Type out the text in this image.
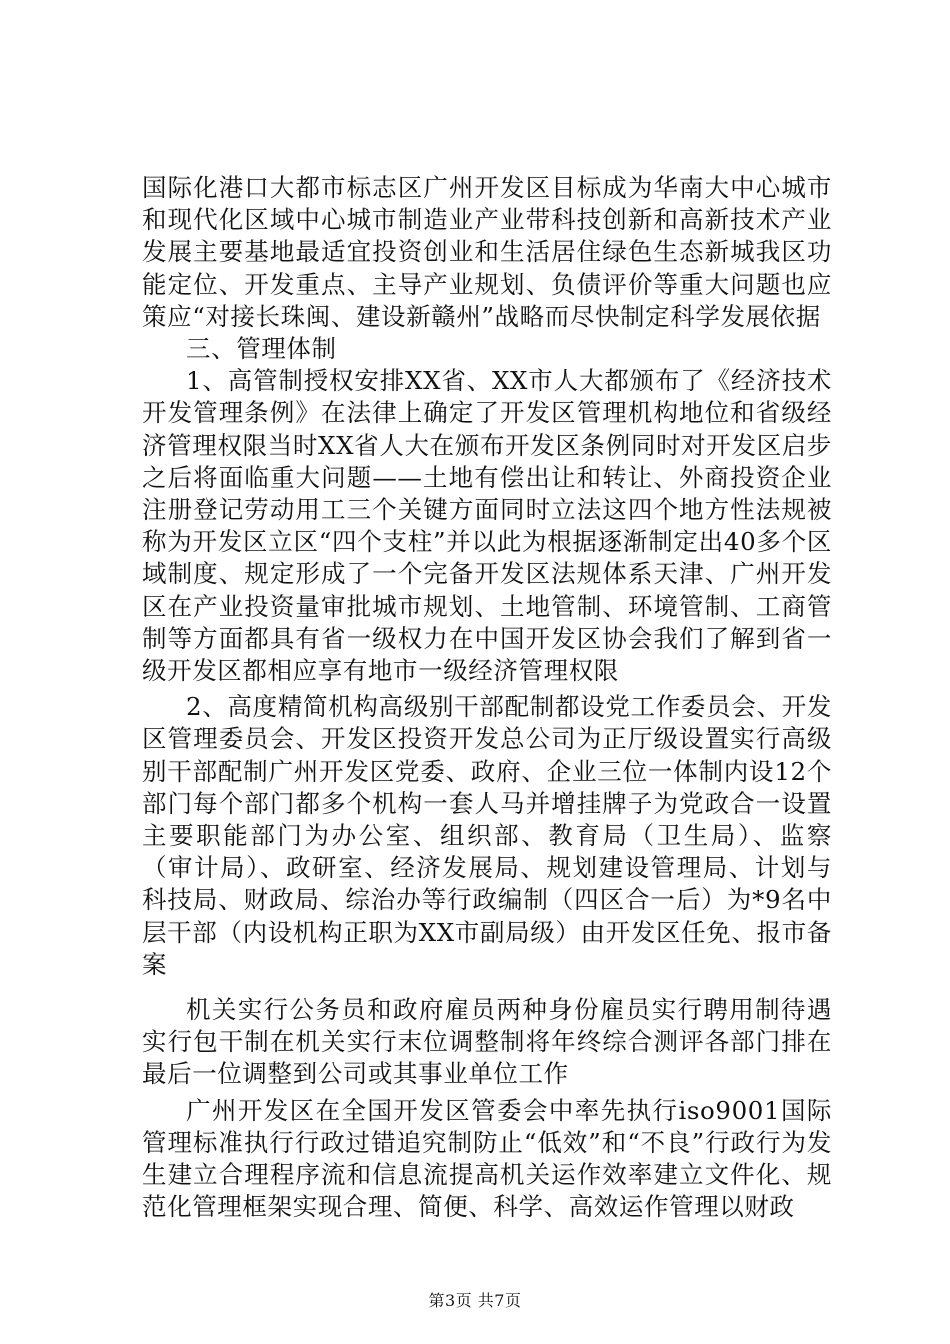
国际化港口大都市标志区广州开发区目标成为华南大中心城市和现代化区域中心城市制造业产业带科技创新和高新技术产业发展主要基地最适宜投资创业和生活居住绿色生态新城我区功能定位、开发重点、主导产业规划、负债评价等重大问题也应策应“对接长珠闽、建设新赣州”战略而尽快制定科学发展依据

三、管理体制

1、高管制授权安排XX省、XX市人大都颁布了《经济技术开发管理条例》在法律上确定了开发区管理机构地位和省级经济管理权限当时XX省人大在颁布开发区条例同时对开发区启步之后将面临重大问题——土地有偿出让和转让、外商投资企业注册登记劳动用工三个关键方面同时立法这四个地方性法规被称为开发区立区“四个支柱”并以此为根据逐渐制定出40多个区域制度、规定形成了一个完备开发区法规体系天津、广州开发区在产业投资量审批城市规划、土地管制、环境管制、工商管制等方面都具有省一级权力在中国开发区协会我们了解到省一级开发区都相应享有地市一级经济管理权限

2、高度精简机构高级别干部配制都设党工作委员会、开发区管理委员会、开发区投资开发总公司为正厅级设置实行高级别干部配制广州开发区党委、政府、企业三位一体制内设12个部门每个部门都多个机构一套人马并增挂牌子为党政合一设置主要职能部门为办公室、组织部、教育局（卫生局）、监察（审计局）、政研室、经济发展局、规划建设管理局、计划与科技局、财政局、综治办等行政编制（四区合一后）为*9名中层干部（内设机构正职为XX市副局级）由开发区任免、报市备案

机关实行公务员和政府雇员两种身份雇员实行聘用制待遇实行包干制在机关实行末位调整制将年终综合测评各部门排在最后一位调整到公司或其事业单位工作

广州开发区在全国开发区管委会中率先执行iso9001国际管理标准执行行政过错追究制防止“低效”和“不良”行政行为发生建立合理程序流和信息流提高机关运作效率建立文件化、规范化管理框架实现合理、简便、科学、高效运作管理以财政

第3页 共7页
